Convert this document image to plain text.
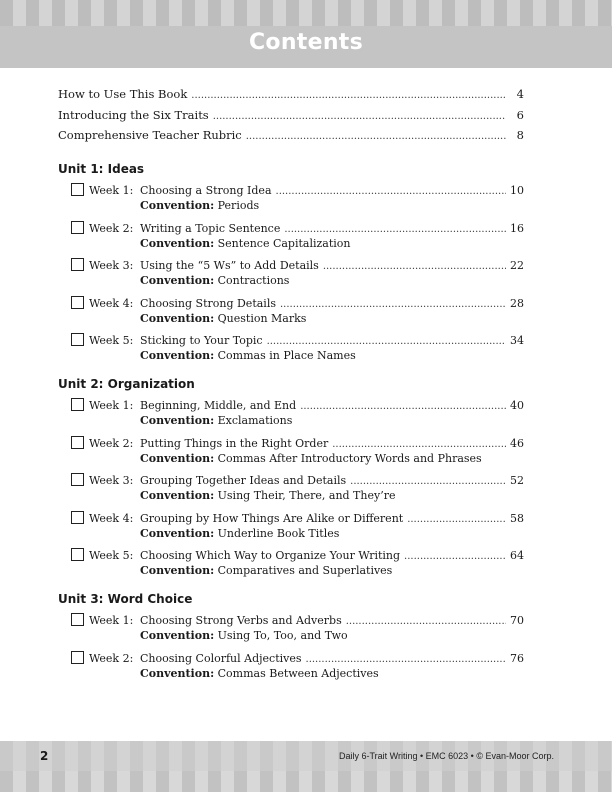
Contents
How to Use This Book .....	4
Introducing the Six Traits .....	6
Comprehensive Teacher Rubric .....	8
Unit 1: Ideas
Week 1: Choosing a Strong Idea .....	10
Convention: Periods
Week 2: Writing a Topic Sentence .....	16
Convention: Sentence Capitalization
Week 3: Using the “5 Ws” to Add Details .....	22
Convention: Contractions
Week 4: Choosing Strong Details .....	28
Convention: Question Marks
Week 5: Sticking to Your Topic .....	34
Convention: Commas in Place Names
Unit 2: Organization
Week 1: Beginning, Middle, and End .....	40
Convention: Exclamations
Week 2: Putting Things in the Right Order .....	46
Convention: Commas After Introductory Words and Phrases
Week 3: Grouping Together Ideas and Details .....	52
Convention: Using Their, There, and They’re
Week 4: Grouping by How Things Are Alike or Different .....	58
Convention: Underline Book Titles
Week 5: Choosing Which Way to Organize Your Writing .....	64
Convention: Comparatives and Superlatives
Unit 3: Word Choice
Week 1: Choosing Strong Verbs and Adverbs .....	70
Convention: Using To, Too, and Two
Week 2: Choosing Colorful Adjectives .....	76
Convention: Commas Between Adjectives
2	Daily 6-Trait Writing • EMC 6023 • © Evan-Moor Corp.
